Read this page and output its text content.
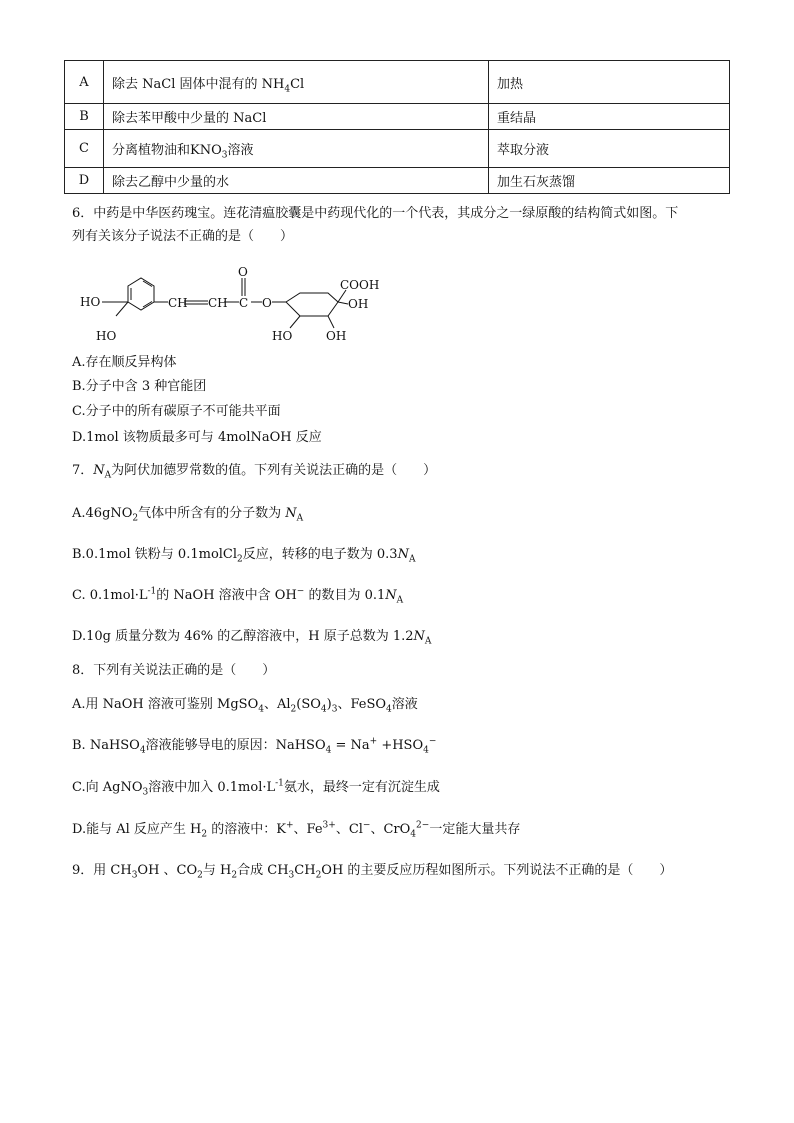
A	除去 NaCl 固体中混有的 $NH_4Cl$	加热
B	除去苯甲酸中少量的 NaCl	重结晶
C	分离植物油和$KNO_3$溶液	萃取分液
D	除去乙醇中少量的水	加生石灰蒸馏
6．中药是中华医药瑰宝。连花清瘟胶囊是中药现代化的一个代表，其成分之一绿原酸的结构简式如图。下
列有关该分子说法不正确的是（　　）
HO
HO
CH CH
O
C O
COOH
OH
HO	OH
A.存在顺反异构体
B.分子中含 3 种官能团
C.分子中的所有碳原子不可能共平面
D.1mol 该物质最多可与 4molNaOH 反应
7．$N_A$为阿伏加德罗常数的值。下列有关说法正确的是（　　）
A.46gNO$_2$气体中所含有的分子数为 $N_A$
B.0.1mol 铁粉与 0.1molCl$_2$反应，转移的电子数为 $0.3N_A$
C. $0.1mol\cdot L^{-1}$的 NaOH 溶液中含 OH− 的数目为 $0.1N_A$
D.10g 质量分数为 46% 的乙醇溶液中，H 原子总数为 $1.2N_A$
8．下列有关说法正确的是（　　）
A.用 NaOH 溶液可鉴别 MgSO$_4$、$Al_2(SO_4)_3$、FeSO$_4$溶液
B. NaHSO$_4$溶液能够导电的原因：NaHSO$_4$ = $Na^+ +HSO_4^-$
C.向 AgNO$_3$溶液中加入 $0.1mol\cdot L^{-1}$氨水，最终一定有沉淀生成
D.能与 Al 反应产生 $H_2$ 的溶液中：K+、$Fe^{3+}$、Cl−、CrO$_4^{2-}$一定能大量共存
9．用 $CH_3OH$ 、$CO_2$与 $H_2$合成 $CH_3CH_2OH$ 的主要反应历程如图所示。下列说法不正确的是（　　）
